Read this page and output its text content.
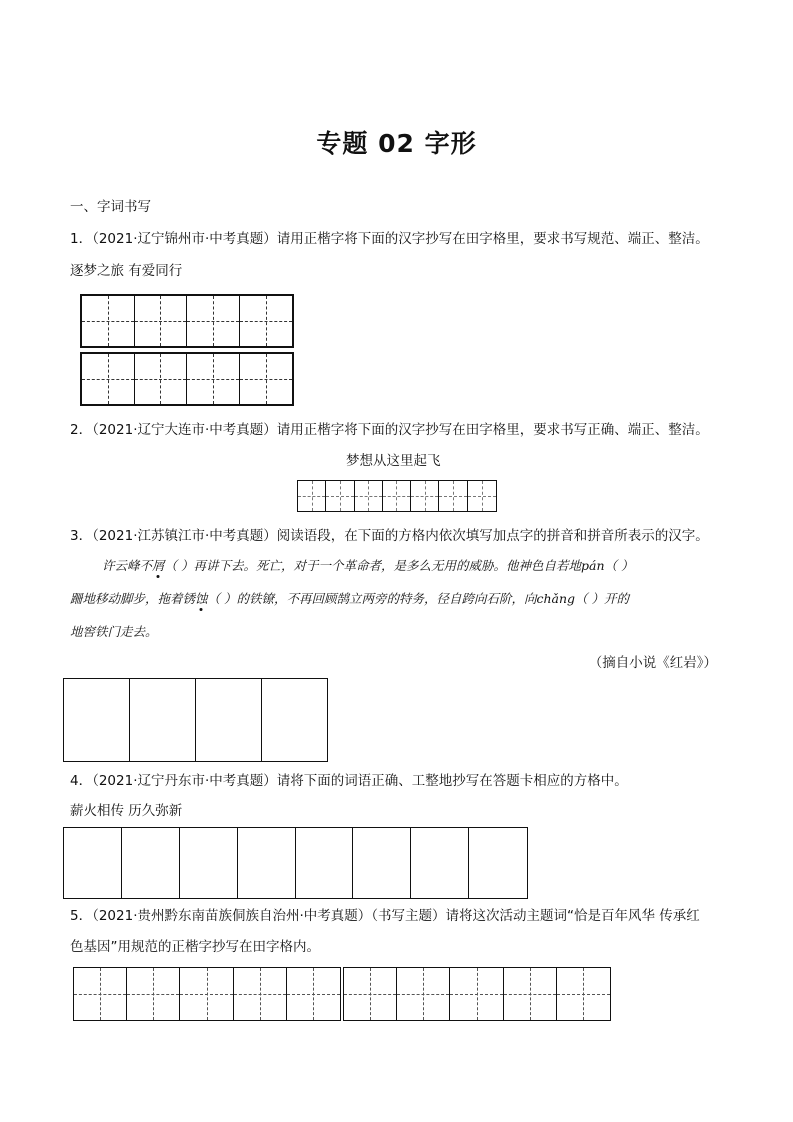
专题 02 字形
一、字词书写
1．（2021·辽宁锦州市·中考真题）请用正楷字将下面的汉字抄写在田字格里，要求书写规范、端正、整洁。
逐梦之旅 有爱同行
2．（2021·辽宁大连市·中考真题）请用正楷字将下面的汉字抄写在田字格里，要求书写正确、端正、整洁。
梦想从这里起飞
3．（2021·江苏镇江市·中考真题）阅读语段，在下面的方格内依次填写加点字的拼音和拼音所表示的汉字。
许云峰不屑（ ）再讲下去。死亡，对于一个革命者，是多么无用的威胁。他神色自若地pán（ ）
跚地移动脚步，拖着锈蚀（ ）的铁镣，不再回顾鹄立两旁的特务，径自跨向石阶，向chǎng（ ）开的
地窖铁门走去。
（摘自小说《红岩》）
4．（2021·辽宁丹东市·中考真题）请将下面的词语正确、工整地抄写在答题卡相应的方格中。
薪火相传 历久弥新
5．（2021·贵州黔东南苗族侗族自治州·中考真题）（书写主题）请将这次活动主题词“恰是百年风华 传承红
色基因”用规范的正楷字抄写在田字格内。
